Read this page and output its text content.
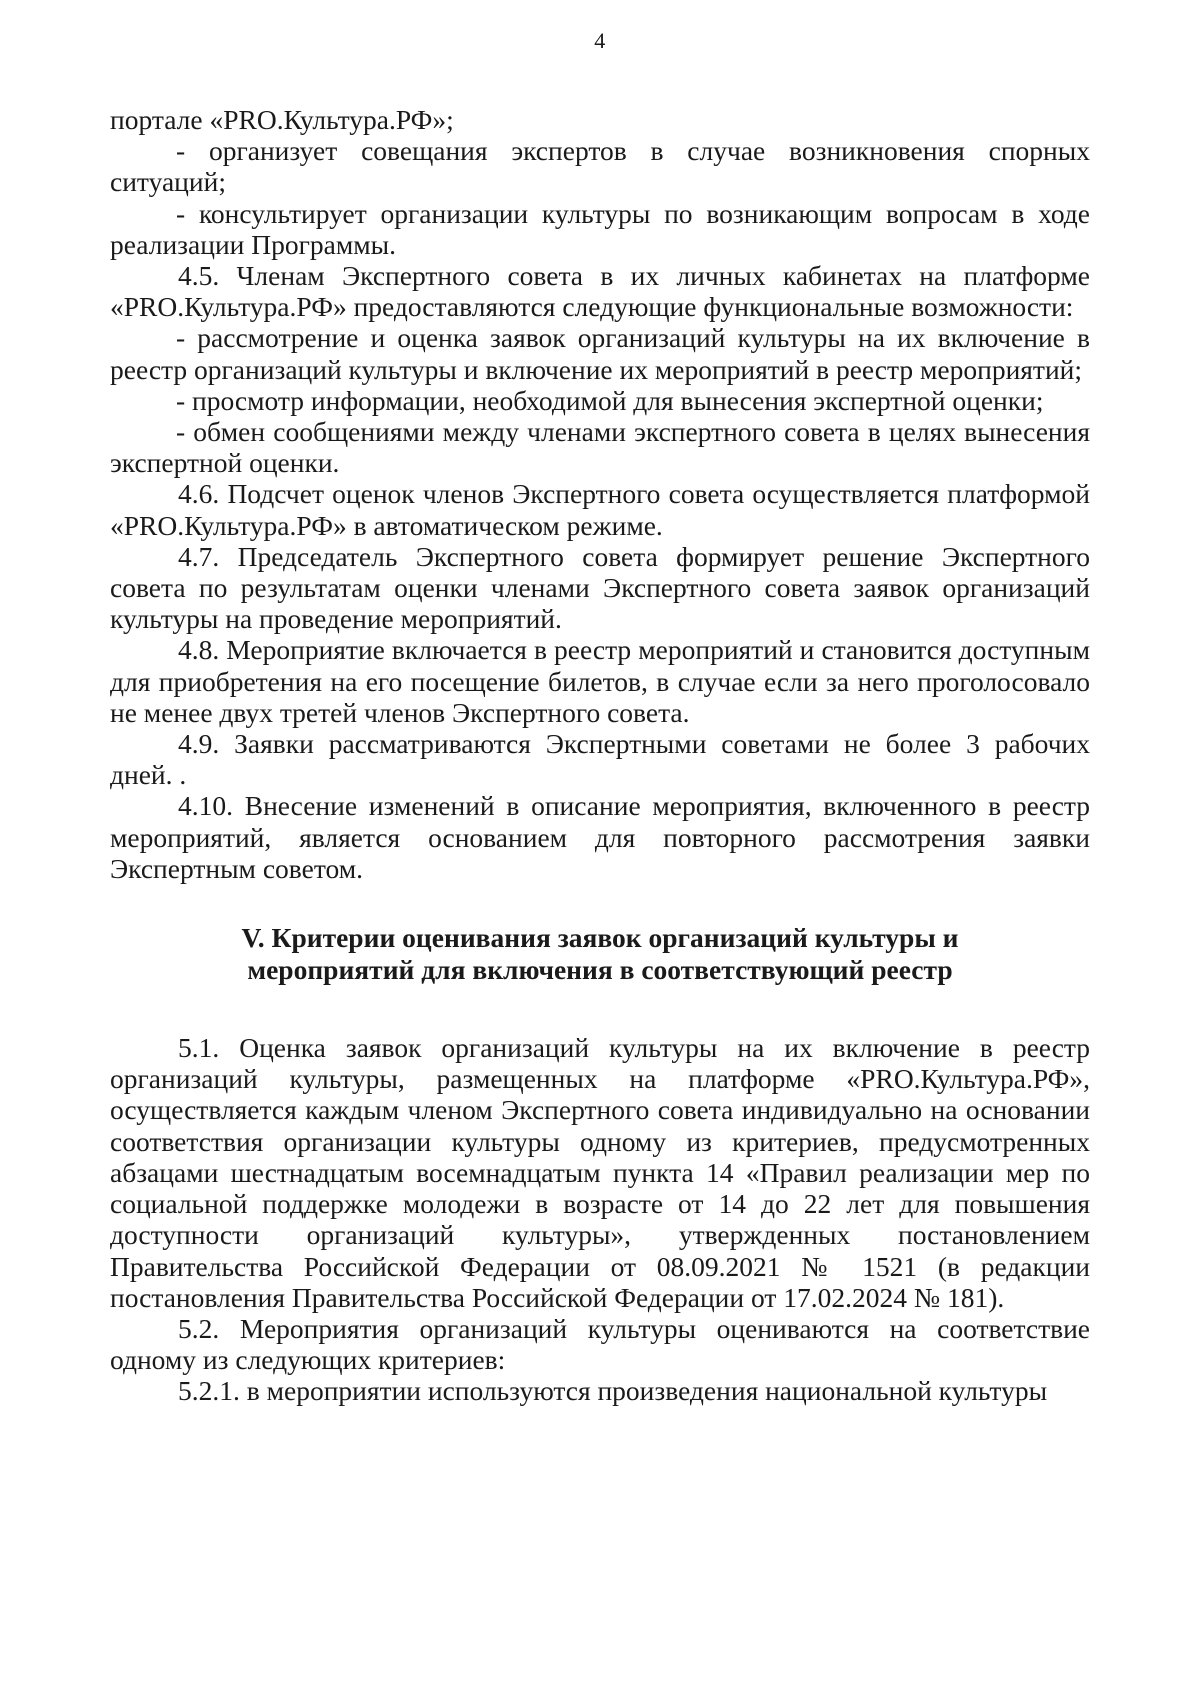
4

портале «PRO.Культура.РФ»;

- организует совещания экспертов в случае возникновения спорных ситуаций;

- консультирует организации культуры по возникающим вопросам в ходе реализации Программы.

4.5. Членам Экспертного совета в их личных кабинетах на платформе «PRO.Культура.РФ» предоставляются следующие функциональные возможности:

- рассмотрение и оценка заявок организаций культуры на их включение в реестр организаций культуры и включение их мероприятий в реестр мероприятий;

- просмотр информации, необходимой для вынесения экспертной оценки;

- обмен сообщениями между членами экспертного совета в целях вынесения экспертной оценки.

4.6. Подсчет оценок членов Экспертного совета осуществляется платформой «PRO.Культура.РФ» в автоматическом режиме.

4.7. Председатель Экспертного совета формирует решение Экспертного совета по результатам оценки членами Экспертного совета заявок организаций культуры на проведение мероприятий.

4.8. Мероприятие включается в реестр мероприятий и становится доступным для приобретения на его посещение билетов, в случае если за него проголосовало не менее двух третей членов Экспертного совета.

4.9. Заявки рассматриваются Экспертными советами не более 3 рабочих дней. .

4.10. Внесение изменений в описание мероприятия, включенного в реестр мероприятий, является основанием для повторного рассмотрения заявки Экспертным советом.

V. Критерии оценивания заявок организаций культуры и
мероприятий для включения в соответствующий реестр

5.1. Оценка заявок организаций культуры на их включение в реестр организаций культуры, размещенных на платформе «PRO.Культура.РФ», осуществляется каждым членом Экспертного совета индивидуально на основании соответствия организации культуры одному из критериев, предусмотренных абзацами шестнадцатым восемнадцатым пункта 14 «Правил реализации мер по социальной поддержке молодежи в возрасте от 14 до 22 лет для повышения доступности организаций культуры», утвержденных постановлением Правительства Российской Федерации от 08.09.2021 № 1521 (в редакции постановления Правительства Российской Федерации от 17.02.2024 № 181).

5.2. Мероприятия организаций культуры оцениваются на соответствие одному из следующих критериев:

5.2.1. в мероприятии используются произведения национальной культуры
